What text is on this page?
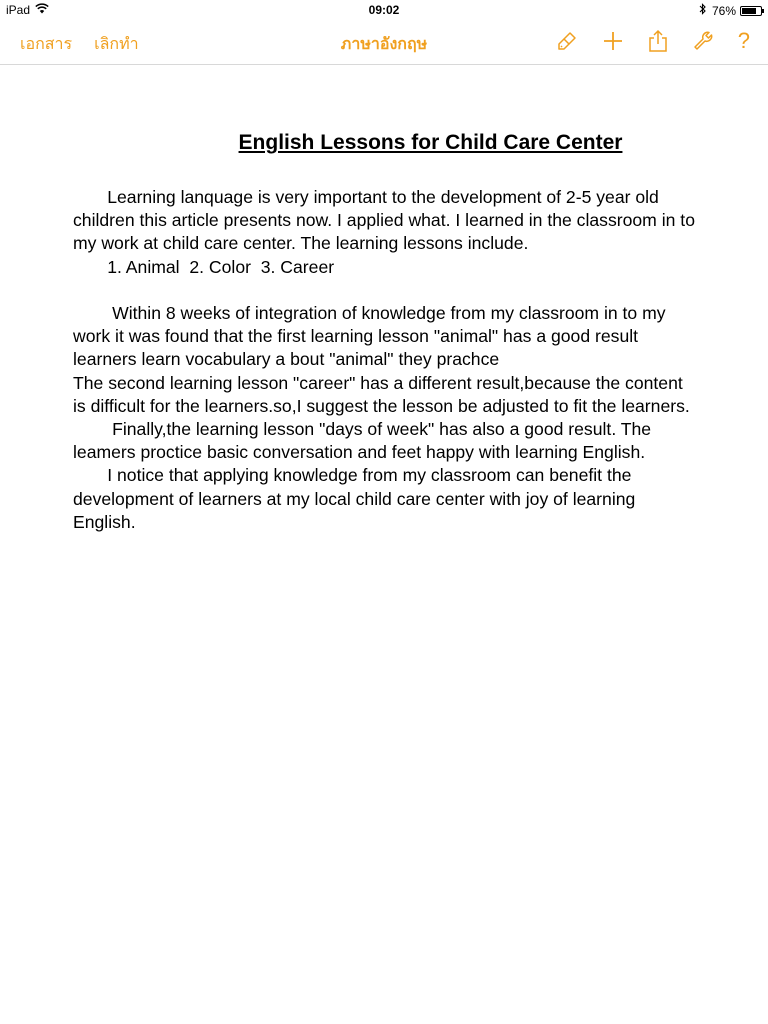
iPad	09:02	76%
เอกสาร เลิกทำ	ภาษาอังกฤษ	?
English Lessons for Child Care Center
Learning lanquage is very important to the development of 2-5 year old children this article presents now. I applied what. I learned in the classroom in to my work at child care center. The learning lessons include.
1. Animal  2. Color  3. Career
Within 8 weeks of integration of knowledge from my classroom in to my work it was found that the first learning lesson "animal" has a good result learners learn vocabulary a bout "animal" they prachce
The second learning lesson "career" has a different result,because the content is difficult for the learners.so,I suggest the lesson be adjusted to fit the learners.
Finally,the learning lesson "days of week" has also a good result. The leamers proctice basic conversation and feet happy with learning English.
I notice that applying knowledge from my classroom can benefit the development of learners at my local child care center with joy of learning English.
